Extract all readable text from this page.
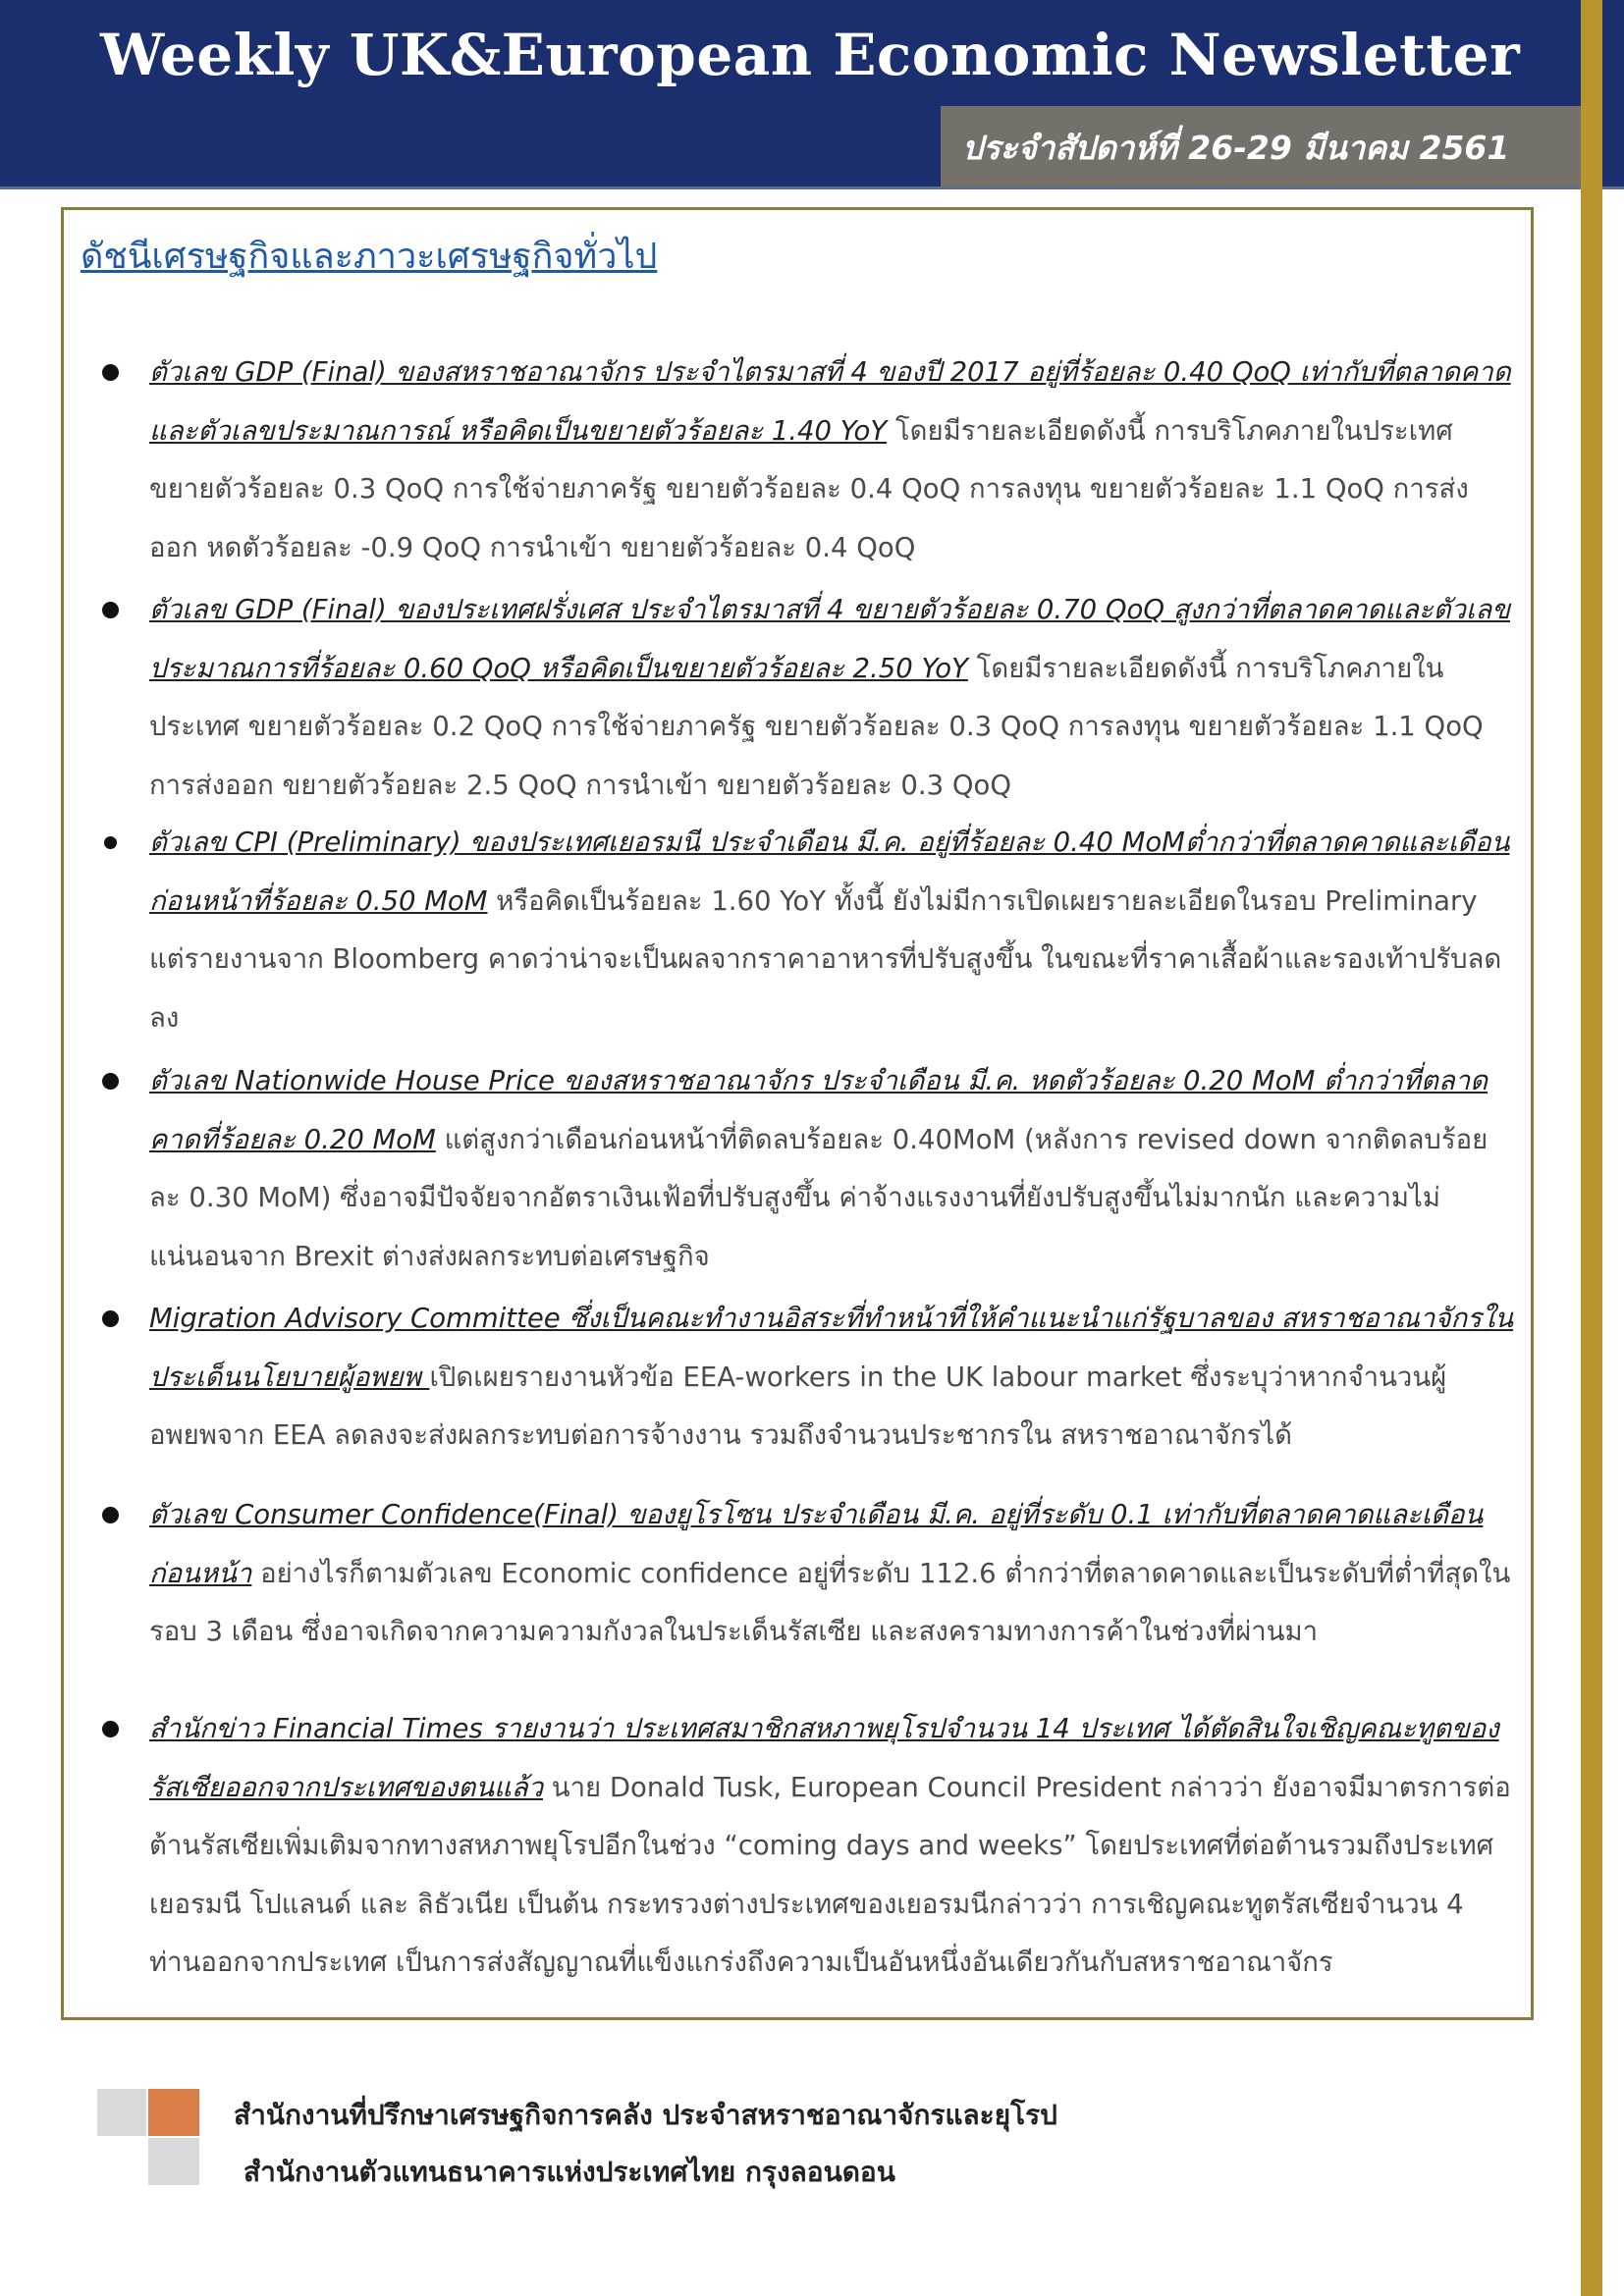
Weekly UK&European Economic Newsletter
ประจำสัปดาห์ที่ 26-29 มีนาคม 2561
ดัชนีเศรษฐกิจและภาวะเศรษฐกิจทั่วไป
ตัวเลข GDP (Final) ของสหราชอาณาจักร ประจำไตรมาสที่ 4 ของปี 2017 อยู่ที่ร้อยละ 0.40 QoQ เท่ากับที่ตลาดคาดและตัวเลขประมาณการณ์ หรือคิดเป็นขยายตัวร้อยละ 1.40 YoY โดยมีรายละเอียดดังนี้ การบริโภคภายในประเทศ ขยายตัวร้อยละ 0.3 QoQ การใช้จ่ายภาครัฐ ขยายตัวร้อยละ 0.4 QoQ การลงทุน ขยายตัวร้อยละ 1.1 QoQ การส่งออก หดตัวร้อยละ -0.9 QoQ การนำเข้า ขยายตัวร้อยละ 0.4 QoQ
ตัวเลข GDP (Final) ของประเทศฝรั่งเศส ประจำไตรมาสที่ 4 ขยายตัวร้อยละ 0.70 QoQ สูงกว่าที่ตลาดคาดและตัวเลขประมาณการที่ร้อยละ 0.60 QoQ หรือคิดเป็นขยายตัวร้อยละ 2.50 YoY โดยมีรายละเอียดดังนี้ การบริโภคภายในประเทศ ขยายตัวร้อยละ 0.2 QoQ การใช้จ่ายภาครัฐ ขยายตัวร้อยละ 0.3 QoQ การลงทุน ขยายตัวร้อยละ 1.1 QoQ การส่งออก ขยายตัวร้อยละ 2.5 QoQ การนำเข้า ขยายตัวร้อยละ 0.3 QoQ
ตัวเลข CPI (Preliminary) ของประเทศเยอรมนี ประจำเดือน มี.ค. อยู่ที่ร้อยละ 0.40 MoMต่ำกว่าที่ตลาดคาดและเดือนก่อนหน้าที่ร้อยละ 0.50 MoM หรือคิดเป็นร้อยละ 1.60 YoY ทั้งนี้ ยังไม่มีการเปิดเผยรายละเอียดในรอบ Preliminary แต่รายงานจาก Bloomberg คาดว่าน่าจะเป็นผลจากราคาอาหารที่ปรับสูงขึ้น ในขณะที่ราคาเสื้อผ้าและรองเท้าปรับลดลง
ตัวเลข Nationwide House Price ของสหราชอาณาจักร ประจำเดือน มี.ค. หดตัวร้อยละ 0.20 MoM ต่ำกว่าที่ตลาดคาดที่ร้อยละ 0.20 MoM แต่สูงกว่าเดือนก่อนหน้าที่ติดลบร้อยละ 0.40MoM (หลังการ revised down จากติดลบร้อยละ 0.30 MoM) ซึ่งอาจมีปัจจัยจากอัตราเงินเฟ้อที่ปรับสูงขึ้น ค่าจ้างแรงงานที่ยังปรับสูงขึ้นไม่มากนัก และความไม่แน่นอนจาก Brexit ต่างส่งผลกระทบต่อเศรษฐกิจ
Migration Advisory Committee ซึ่งเป็นคณะทำงานอิสระที่ทำหน้าที่ให้คำแนะนำแก่รัฐบาลของ สหราชอาณาจักรในประเด็นนโยบายผู้อพยพ เปิดเผยรายงานหัวข้อ EEA-workers in the UK labour market ซึ่งระบุว่าหากจำนวนผู้อพยพจาก EEA ลดลงจะส่งผลกระทบต่อการจ้างงาน รวมถึงจำนวนประชากรใน สหราชอาณาจักรได้
ตัวเลข Consumer Confidence(Final) ของยูโรโซน ประจำเดือน มี.ค. อยู่ที่ระดับ 0.1 เท่ากับที่ตลาดคาดและเดือนก่อนหน้า อย่างไรก็ตามตัวเลข Economic confidence อยู่ที่ระดับ 112.6 ต่ำกว่าที่ตลาดคาดและเป็นระดับที่ต่ำที่สุดในรอบ 3 เดือน ซึ่งอาจเกิดจากความความกังวลในประเด็นรัสเซีย และสงครามทางการค้าในช่วงที่ผ่านมา
สำนักข่าว Financial Times รายงานว่า ประเทศสมาชิกสหภาพยุโรปจำนวน 14 ประเทศ ได้ตัดสินใจเชิญคณะทูตของรัสเซียออกจากประเทศของตนแล้ว นาย Donald Tusk, European Council President กล่าวว่า ยังอาจมีมาตรการต่อต้านรัสเซียเพิ่มเติมจากทางสหภาพยุโรปอีกในช่วง “coming days and weeks” โดยประเทศที่ต่อต้านรวมถึงประเทศเยอรมนี โปแลนด์ และ ลิธัวเนีย เป็นต้น กระทรวงต่างประเทศของเยอรมนีกล่าวว่า การเชิญคณะทูตรัสเซียจำนวน 4 ท่านออกจากประเทศ เป็นการส่งสัญญาณที่แข็งแกร่งถึงความเป็นอันหนึ่งอันเดียวกันกับสหราชอาณาจักร
สำนักงานที่ปรึกษาเศรษฐกิจการคลัง ประจำสหราชอาณาจักรและยุโรป
สำนักงานตัวแทนธนาคารแห่งประเทศไทย กรุงลอนดอน
